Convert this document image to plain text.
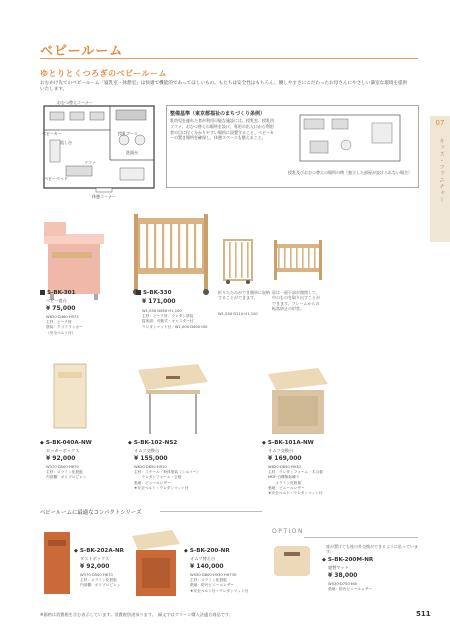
ベビールーム
ゆとりとくつろぎのベビールーム
おむかけ先でのベビールーム「寝乳室・休憩室」は快適で機能的であってほしいもの。もたちは安全性はもちろん、優しやすさにこだわったお母さんにやさしい満室な環境を提供いたします。
07
キッズ・ファニチャー
おむつ替えコーナー
ベビーカー	授乳ブース
ソファ
流し台
ベビーベッド
洗面台
休憩コーナー
整備基準（東京都福祉のまちづくり条例）
乳幼児を連れた者が利用可能な施設には、授乳室、授乳用ソファ、おむつ替えの場所を設け、専用の出入口から利用者の目に付く分かりやすい場所に設置すること。ベビーカーの置き場所を確保し、休憩スペースも整えること。
授乳及びおむつ替えの場所の例（独立した部屋が設けられない場合）
S-BK-301
ベビー寝台
¥ 75,000
W650·D460·H975
主材：ビーチ材
塗装：クリアラッカー
（安全ベルト付）
S-BK-330
¥ 171,000
W1,050·D650·H1,100
主材：ビーチ材／ウレタン塗装
寝床面：可動式・キャスター付
ウレタンマット付：W1,000·D600·t50
折りたたみができ簡単に収納することができます。
W1,050·D210·H1,100
扉は一面下部が開閉して、中のものを取り出すことができます。フレームからの転落防止の形状。
◆ S-BK-040A-NW
ロッカーボックス
¥ 92,000
W370·D500·H670
主材：メラミン化粧板
内部棚：ポリプロピレン
◆ S-BK-102-NS2
オムツ交換台
¥ 155,000
W620·D850·H910
主材：スチール・粉体塗装（シルバー）
　　ウレタンフォーム・合板
張地：ビニールレザー
★安全ベルト・ウレタンマット付
◆ S-BK-101A-NW
オムツ交換台
¥ 169,000
W620·D850·H930
主材：ウレタンフォーム・木合板
MDF·白樺無垢練り
　　メラミン化粧板
張地：ビニールレザー
★安全ベルト・ウレタンマット付
ベビールームに最適なコンパクトシリーズ
◆ S-BK-202A-NR
ダストボックス
¥ 92,000
W370·D500·H670
主材：メラミン化粧板
内部棚：ポリプロピレン
◆ S-BK-200-NR
オムツ替え台
¥ 140,000
W550·D800·H930·HH730
主材：メラミン化粧板
張地：防汚ビニールレザー
★安全ベルト付・ウレタンマット付
OPTION
座が置けても座の外交換ができるように払っています。
◆ S-BK-200M-NR
寝替マット
¥ 38,000
W530·D750·t60
張地：防汚ビニールレザー
※価格は消費税を含む表示しています。消費税別途承ります。　緑文字はグリーン購入法適合商品です。	511
